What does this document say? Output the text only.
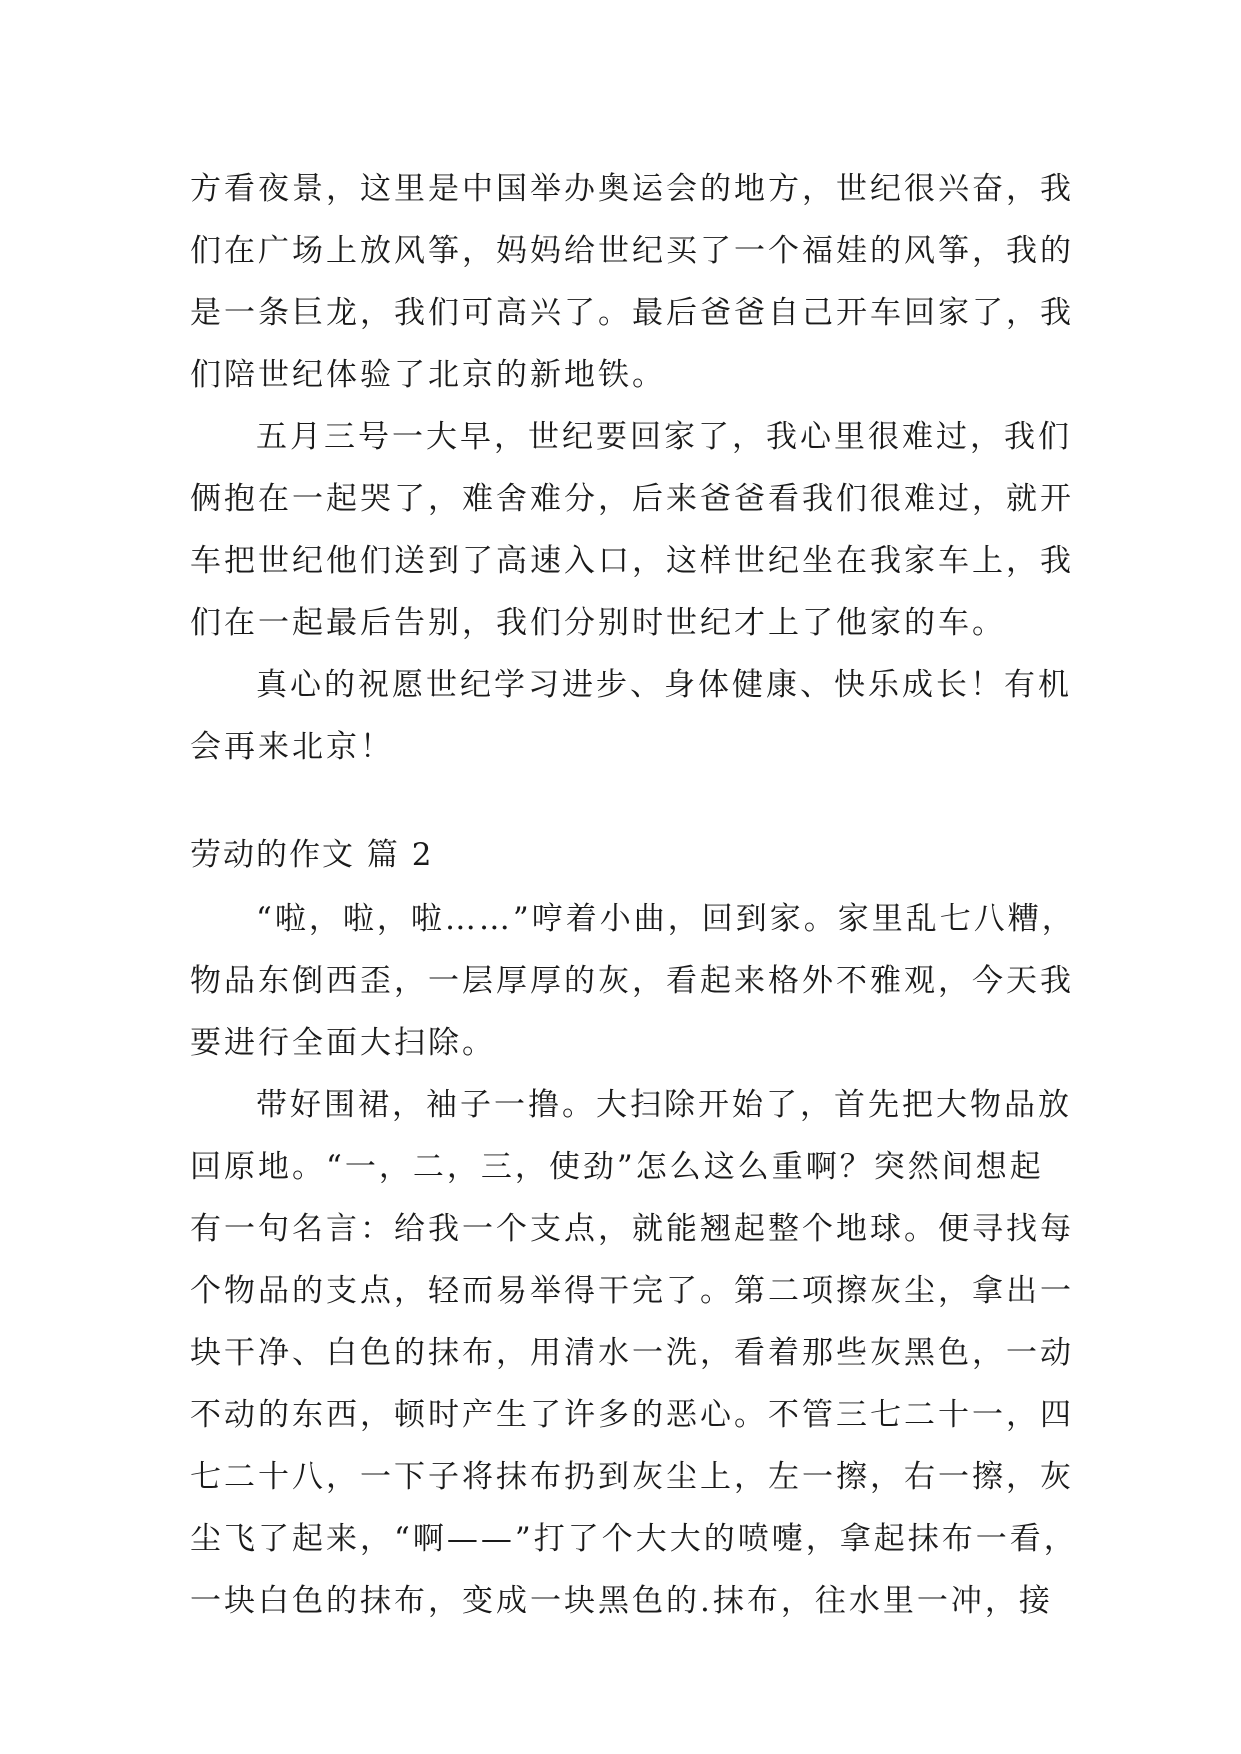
方看夜景，这里是中国举办奥运会的地方，世纪很兴奋，我
们在广场上放风筝，妈妈给世纪买了一个福娃的风筝，我的
是一条巨龙，我们可高兴了。最后爸爸自己开车回家了，我
们陪世纪体验了北京的新地铁。
五月三号一大早，世纪要回家了，我心里很难过，我们
俩抱在一起哭了，难舍难分，后来爸爸看我们很难过，就开
车把世纪他们送到了高速入口，这样世纪坐在我家车上，我
们在一起最后告别，我们分别时世纪才上了他家的车。
真心的祝愿世纪学习进步、身体健康、快乐成长！有机
会再来北京！
劳动的作文 篇 2
“啦，啦，啦……”哼着小曲，回到家。家里乱七八糟，
物品东倒西歪，一层厚厚的灰，看起来格外不雅观，今天我
要进行全面大扫除。
带好围裙，袖子一撸。大扫除开始了，首先把大物品放
回原地。“一，二，三，使劲”怎么这么重啊？突然间想起
有一句名言：给我一个支点，就能翘起整个地球。便寻找每
个物品的支点，轻而易举得干完了。第二项擦灰尘，拿出一
块干净、白色的抹布，用清水一洗，看着那些灰黑色，一动
不动的东西，顿时产生了许多的恶心。不管三七二十一，四
七二十八，一下子将抹布扔到灰尘上，左一擦，右一擦，灰
尘飞了起来，“啊——”打了个大大的喷嚏，拿起抹布一看，
一块白色的抹布，变成一块黑色的.抹布，往水里一冲，接
